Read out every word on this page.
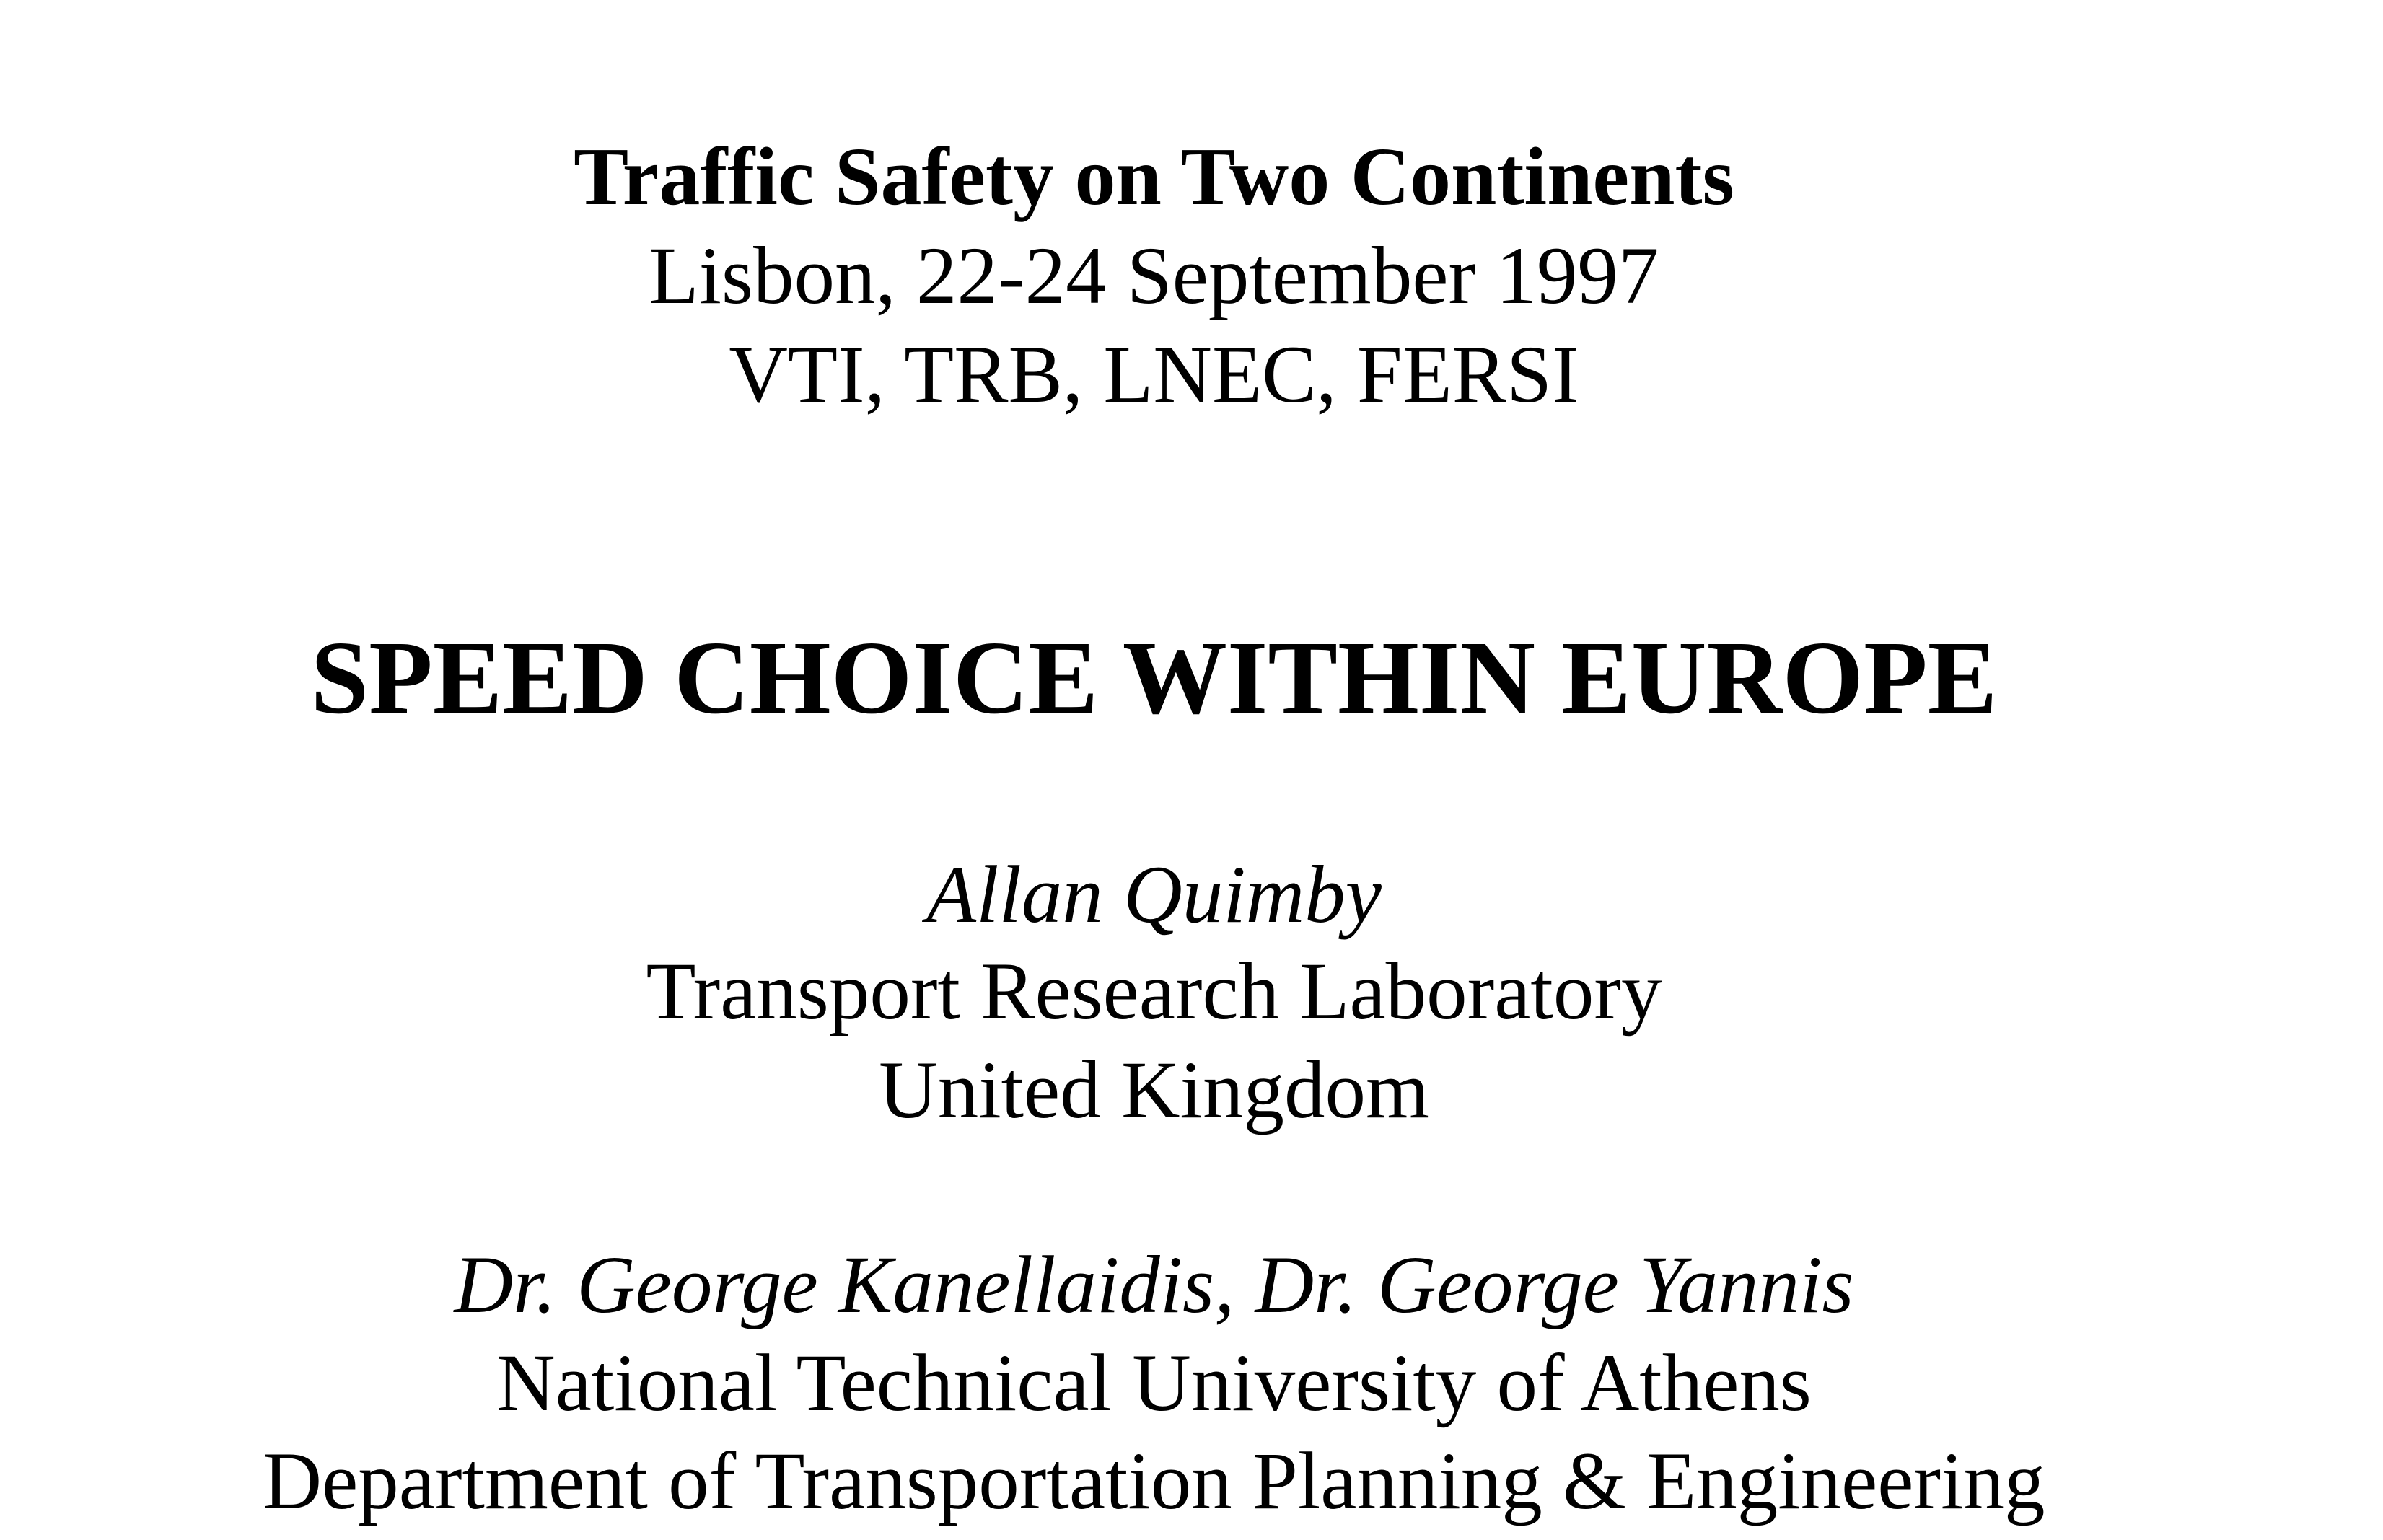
Traffic Safety on Two Continents
Lisbon, 22-24 September 1997
VTI, TRB, LNEC, FERSI
SPEED CHOICE WITHIN EUROPE
Allan Quimby
Transport Research Laboratory
United Kingdom
Dr. George Kanellaidis, Dr. George Yannis
National Technical University of Athens
Department of Transportation Planning & Engineering
